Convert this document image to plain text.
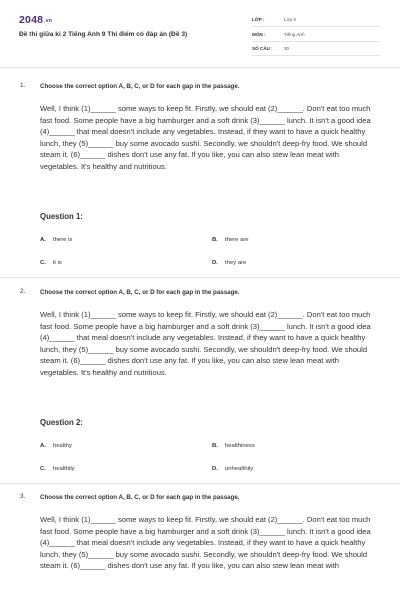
$2048^{.vn}$
Đề thi giữa kì 2 Tiếng Anh 9 Thí điểm có đáp án (Đề 3)
LỚP :	Lớp 9
MÔN :	Tiếng Anh
SỐ CÂU : 30
1. Choose the correct option A, B, C, or D for each gap in the passage.
Well, I think (1)______ some ways to keep fit. Firstly, we should eat (2)______. Don't eat too much fast food. Some people have a big hamburger and a soft drink (3)______ lunch. It isn't a good idea (4)______ that meal doesn't include any vegetables. Instead, if they want to have a quick healthy lunch, they (5)______ buy some avocado sushi. Secondly, we shouldn't deep-fry food. We should steam it. (6)______ dishes don't use any fat. If you like, you can also stew lean meat with vegetables. It's healthy and nutritious.
Question 1:
A. there is	B. there are
C. it is	D. they are
2. Choose the correct option A, B, C, or D for each gap in the passage.
Well, I think (1)______ some ways to keep fit. Firstly, we should eat (2)______. Don't eat too much fast food. Some people have a big hamburger and a soft drink (3)______ lunch. It isn't a good idea (4)______ that meal doesn't include any vegetables. Instead, if they want to have a quick healthy lunch, they (5)______ buy some avocado sushi. Secondly, we shouldn't deep-fry food. We should steam it. (6)______ dishes don't use any fat. If you like, you can also stew lean meat with vegetables. It's healthy and nutritious.
Question 2:
A. healthy	B. healthiness
C. healthily	D. unhealthily
3. Choose the correct option A, B, C, or D for each gap in the passage.
Well, I think (1)______ some ways to keep fit. Firstly, we should eat (2)______. Don't eat too much fast food. Some people have a big hamburger and a soft drink (3)______ lunch. It isn't a good idea (4)______ that meal doesn't include any vegetables. Instead, if they want to have a quick healthy lunch, they (5)______ buy some avocado sushi. Secondly, we shouldn't deep-fry food. We should steam it. (6)______ dishes don't use any fat. If you like, you can also stew lean meat with
